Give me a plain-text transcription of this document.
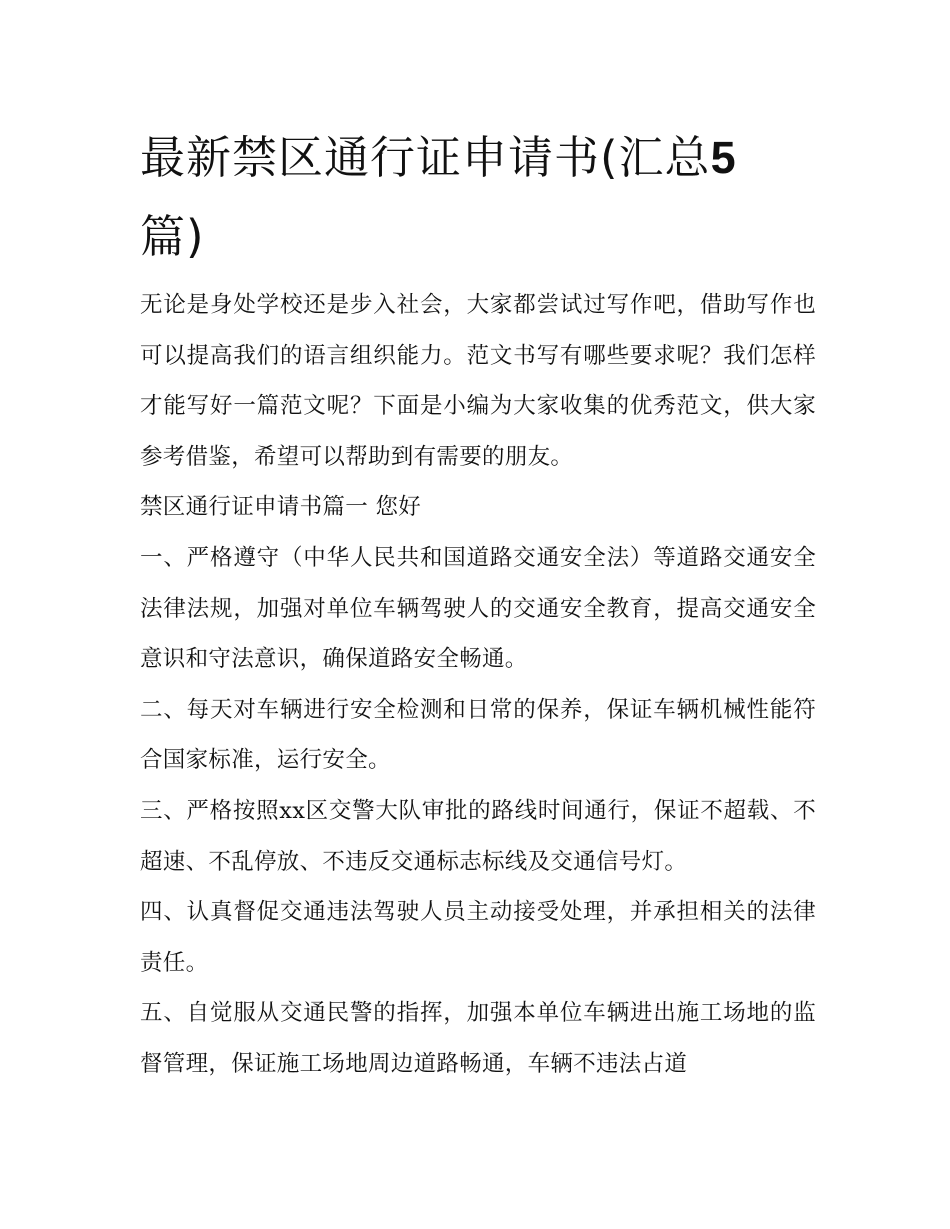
最新禁区通行证申请书(汇总5
篇)

无论是身处学校还是步入社会，大家都尝试过写作吧，借助写作也可以提高我们的语言组织能力。范文书写有哪些要求呢？我们怎样才能写好一篇范文呢？下面是小编为大家收集的优秀范文，供大家参考借鉴，希望可以帮助到有需要的朋友。

禁区通行证申请书篇一 您好

一、严格遵守（中华人民共和国道路交通安全法）等道路交通安全法律法规，加强对单位车辆驾驶人的交通安全教育，提高交通安全意识和守法意识，确保道路安全畅通。

二、每天对车辆进行安全检测和日常的保养，保证车辆机械性能符合国家标准，运行安全。

三、严格按照xx区交警大队审批的路线时间通行，保证不超载、不超速、不乱停放、不违反交通标志标线及交通信号灯。

四、认真督促交通违法驾驶人员主动接受处理，并承担相关的法律责任。

五、自觉服从交通民警的指挥，加强本单位车辆进出施工场地的监督管理，保证施工场地周边道路畅通，车辆不违法占道
